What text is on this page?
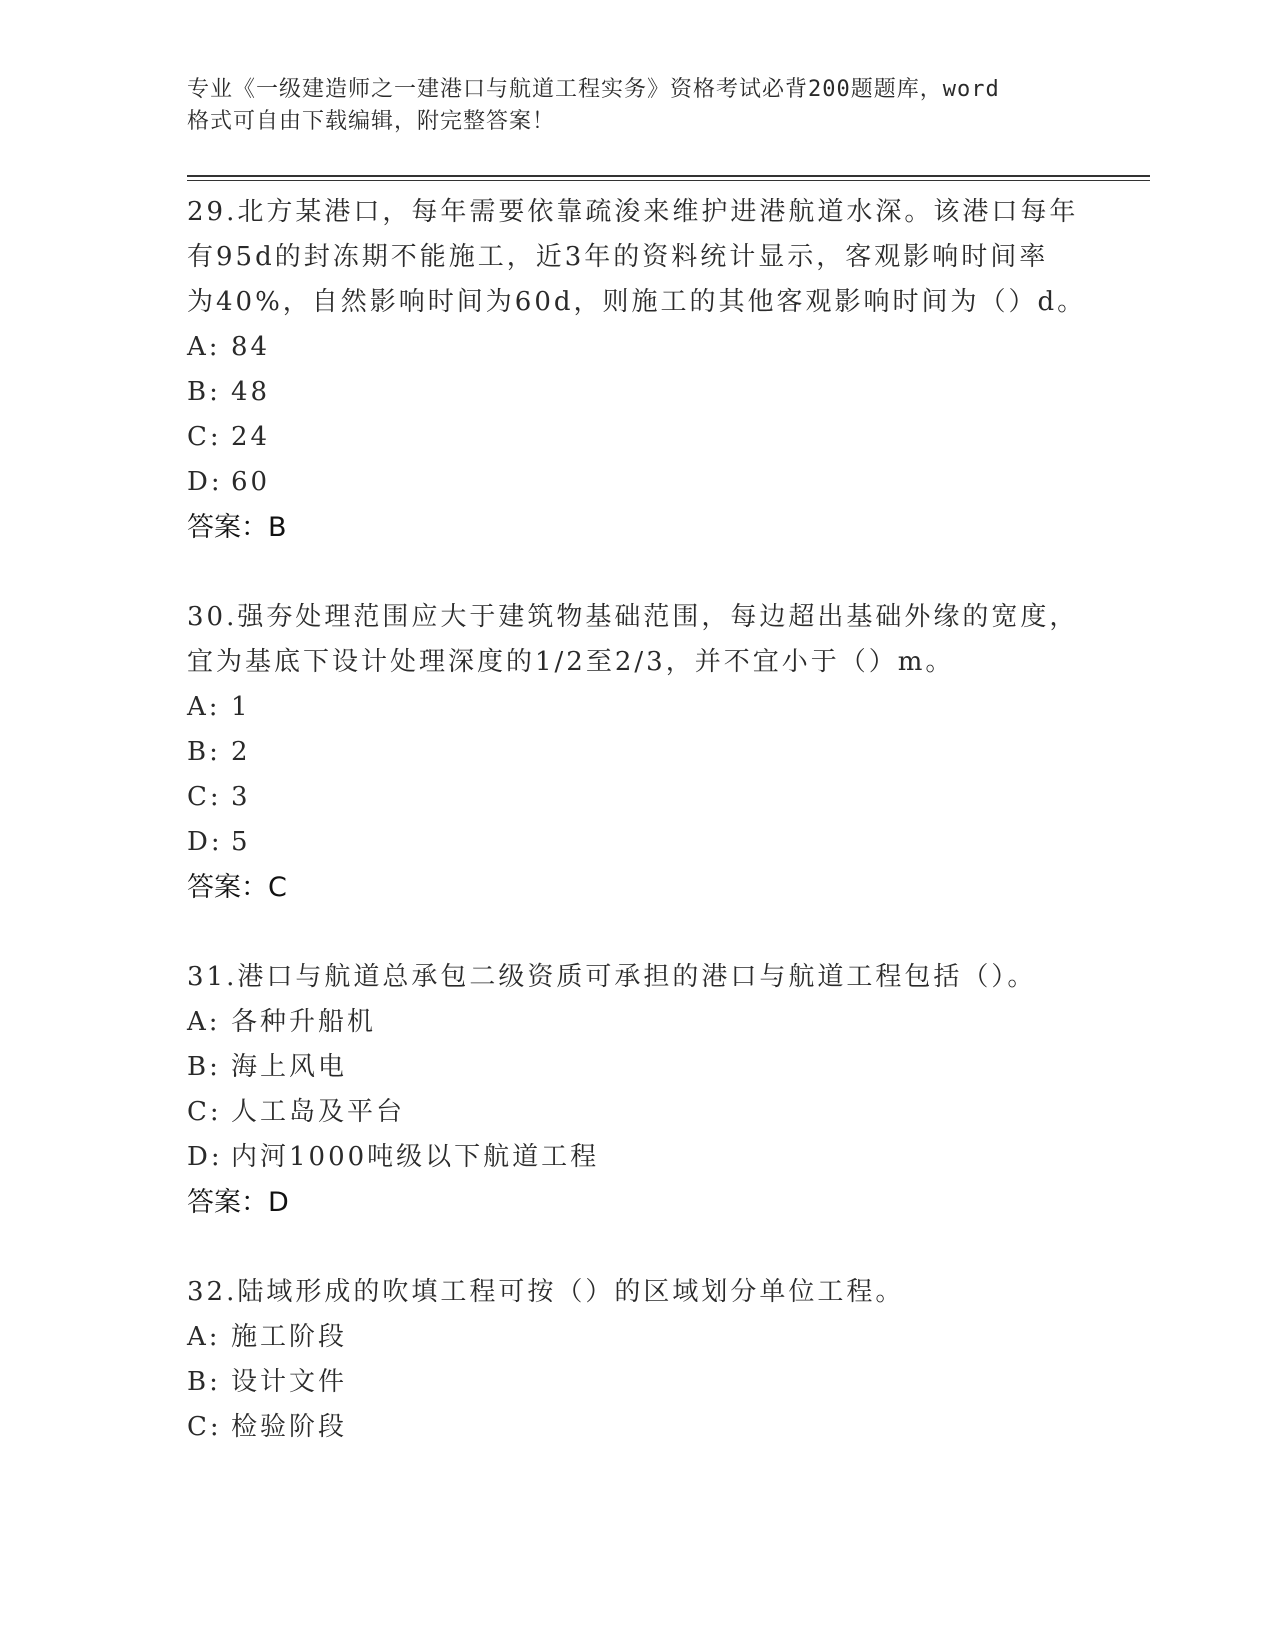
专业《一级建造师之一建港口与航道工程实务》资格考试必背200题题库，word
格式可自由下载编辑，附完整答案！
29.北方某港口，每年需要依靠疏浚来维护进港航道水深。该港口每年
有95d的封冻期不能施工，近3年的资料统计显示，客观影响时间率
为40%，自然影响时间为60d，则施工的其他客观影响时间为（）d。
A: 84
B: 48
C: 24
D: 60
答案：B
30.强夯处理范围应大于建筑物基础范围，每边超出基础外缘的宽度，
宜为基底下设计处理深度的1/2至2/3，并不宜小于（）m。
A: 1
B: 2
C: 3
D: 5
答案：C
31.港口与航道总承包二级资质可承担的港口与航道工程包括（）。
A: 各种升船机
B: 海上风电
C: 人工岛及平台
D: 内河1000吨级以下航道工程
答案：D
32.陆域形成的吹填工程可按（）的区域划分单位工程。
A: 施工阶段
B: 设计文件
C: 检验阶段
